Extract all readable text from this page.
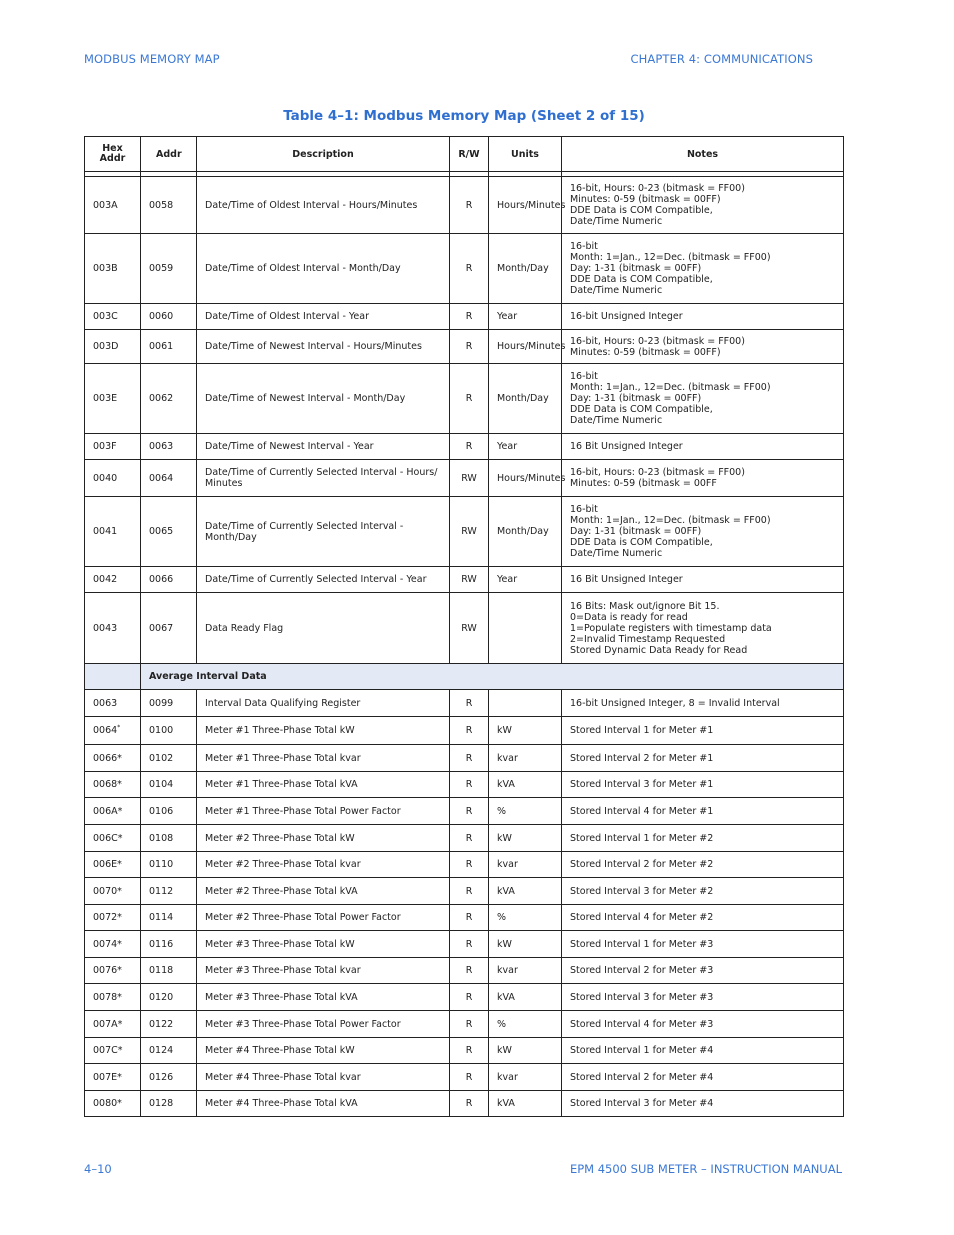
MODBUS MEMORY MAP	CHAPTER 4: COMMUNICATIONS
Table 4–1: Modbus Memory Map (Sheet 2 of 15)
Hex
Addr	Addr	Description	R/W	Units	Notes

003A	0058	Date/Time of Oldest Interval - Hours/Minutes	R	Hours/Minutes	16-bit, Hours: 0-23 (bitmask = FF00)
Minutes: 0-59 (bitmask = 00FF)
DDE Data is COM Compatible,
Date/Time Numeric
003B	0059	Date/Time of Oldest Interval - Month/Day	R	Month/Day	16-bit
Month: 1=Jan., 12=Dec. (bitmask = FF00)
Day: 1-31 (bitmask = 00FF)
DDE Data is COM Compatible,
Date/Time Numeric
003C	0060	Date/Time of Oldest Interval - Year	R	Year	16-bit Unsigned Integer
003D	0061	Date/Time of Newest Interval - Hours/Minutes	R	Hours/Minutes	16-bit, Hours: 0-23 (bitmask = FF00)
Minutes: 0-59 (bitmask = 00FF)
003E	0062	Date/Time of Newest Interval - Month/Day	R	Month/Day	16-bit
Month: 1=Jan., 12=Dec. (bitmask = FF00)
Day: 1-31 (bitmask = 00FF)
DDE Data is COM Compatible,
Date/Time Numeric
003F	0063	Date/Time of Newest Interval - Year	R	Year	16 Bit Unsigned Integer
0040	0064	Date/Time of Currently Selected Interval - Hours/
Minutes	RW	Hours/Minutes	16-bit, Hours: 0-23 (bitmask = FF00)
Minutes: 0-59 (bitmask = 00FF
0041	0065	Date/Time of Currently Selected Interval - Month/Day	RW	Month/Day	16-bit
Month: 1=Jan., 12=Dec. (bitmask = FF00)
Day: 1-31 (bitmask = 00FF)
DDE Data is COM Compatible,
Date/Time Numeric
0042	0066	Date/Time of Currently Selected Interval - Year	RW	Year	16 Bit Unsigned Integer
0043	0067	Data Ready Flag	RW		16 Bits: Mask out/ignore Bit 15.
0=Data is ready for read
1=Populate registers with timestamp data
2=Invalid Timestamp Requested
Stored Dynamic Data Ready for Read
	Average Interval Data				
0063	0099	Interval Data Qualifying Register	R		16-bit Unsigned Integer, 8 = Invalid Interval
0064*	0100	Meter #1 Three-Phase Total kW	R	kW	Stored Interval 1 for Meter #1
0066*	0102	Meter #1 Three-Phase Total kvar	R	kvar	Stored Interval 2 for Meter #1
0068*	0104	Meter #1 Three-Phase Total kVA	R	kVA	Stored Interval 3 for Meter #1
006A*	0106	Meter #1 Three-Phase Total Power Factor	R	%	Stored Interval 4 for Meter #1
006C*	0108	Meter #2 Three-Phase Total kW	R	kW	Stored Interval 1 for Meter #2
006E*	0110	Meter #2 Three-Phase Total kvar	R	kvar	Stored Interval 2 for Meter #2
0070*	0112	Meter #2 Three-Phase Total kVA	R	kVA	Stored Interval 3 for Meter #2
0072*	0114	Meter #2 Three-Phase Total Power Factor	R	%	Stored Interval 4 for Meter #2
0074*	0116	Meter #3 Three-Phase Total kW	R	kW	Stored Interval 1 for Meter #3
0076*	0118	Meter #3 Three-Phase Total kvar	R	kvar	Stored Interval 2 for Meter #3
0078*	0120	Meter #3 Three-Phase Total kVA	R	kVA	Stored Interval 3 for Meter #3
007A*	0122	Meter #3 Three-Phase Total Power Factor	R	%	Stored Interval 4 for Meter #3
007C*	0124	Meter #4 Three-Phase Total kW	R	kW	Stored Interval 1 for Meter #4
007E*	0126	Meter #4 Three-Phase Total kvar	R	kvar	Stored Interval 2 for Meter #4
0080*	0128	Meter #4 Three-Phase Total kVA	R	kVA	Stored Interval 3 for Meter #4
4–10	EPM 4500 SUB METER – INSTRUCTION MANUAL
